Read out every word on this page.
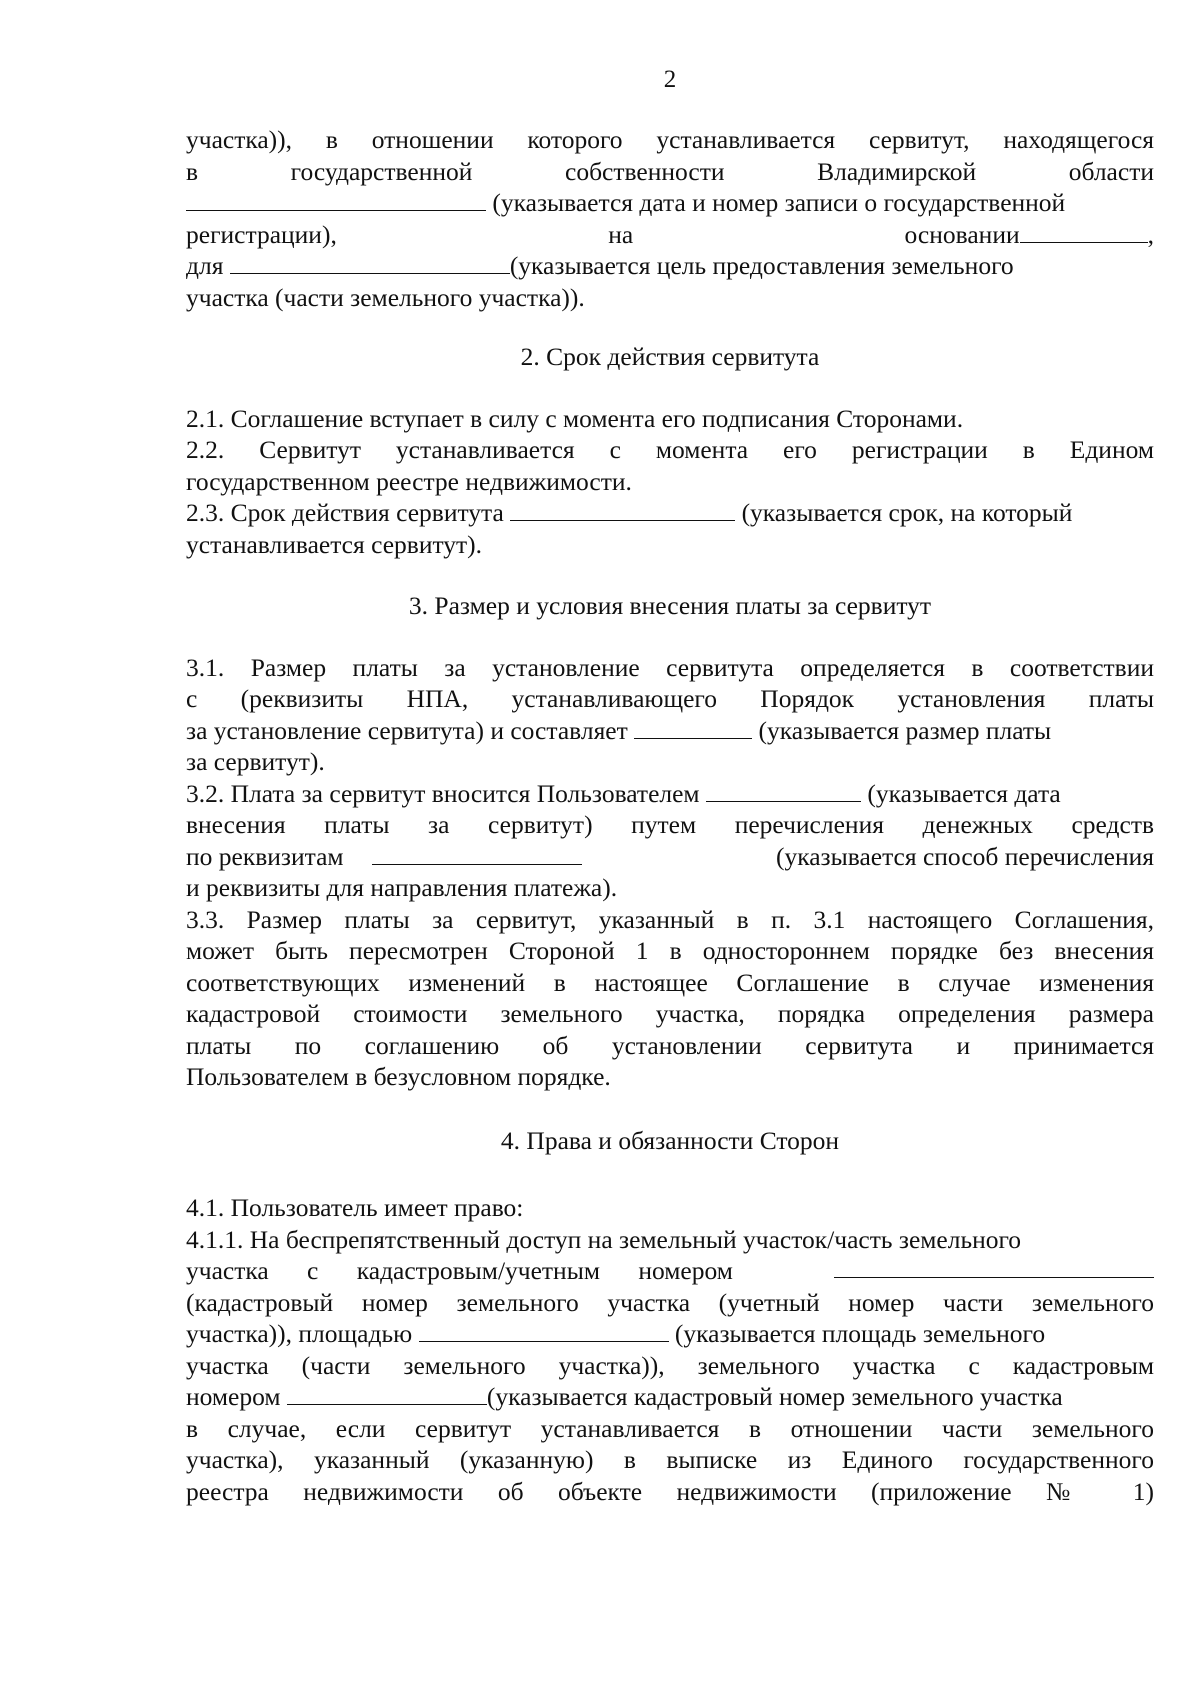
2

участка)), в отношении которого устанавливается сервитут, находящегося

в государственной собственности Владимирской области

(указывается дата и номер записи о государственной

регистрации),	на	основании	,

для	(указывается цель предоставления земельного

участка (части земельного участка)).

2. Срок действия сервитута

2.1. Соглашение вступает в силу с момента его подписания Сторонами.

2.2. Сервитут устанавливается с момента его регистрации в Едином

государственном реестре недвижимости.

2.3. Срок действия сервитута	(указывается срок, на который

устанавливается сервитут).

3. Размер и условия внесения платы за сервитут

3.1. Размер платы за установление сервитута определяется в соответствии

с (реквизиты НПА, устанавливающего Порядок установления платы

за установление сервитута) и составляет	(указывается размер платы

за сервитут).

3.2. Плата за сервитут вносится Пользователем	(указывается дата

внесения платы за сервитут) путем перечисления денежных средств

по реквизитам	(указывается способ перечисления

и реквизиты для направления платежа).

3.3. Размер платы за сервитут, указанный в п. 3.1 настоящего Соглашения,

может быть пересмотрен Стороной 1 в одностороннем порядке без внесения

соответствующих изменений в настоящее Соглашение в случае изменения

кадастровой стоимости земельного участка, порядка определения размера

платы по соглашению об установлении сервитута и принимается

Пользователем в безусловном порядке.

4. Права и обязанности Сторон

4.1. Пользователь имеет право:

4.1.1. На беспрепятственный доступ на земельный участок/часть земельного

участка с кадастровым/учетным номером

(кадастровый номер земельного участка (учетный номер части земельного

участка)), площадью	(указывается площадь земельного

участка (части земельного участка)), земельного участка с кадастровым

номером	(указывается кадастровый номер земельного участка

в случае, если сервитут устанавливается в отношении части земельного

участка), указанный (указанную) в выписке из Единого государственного

реестра недвижимости об объекте недвижимости (приложение № 1)
